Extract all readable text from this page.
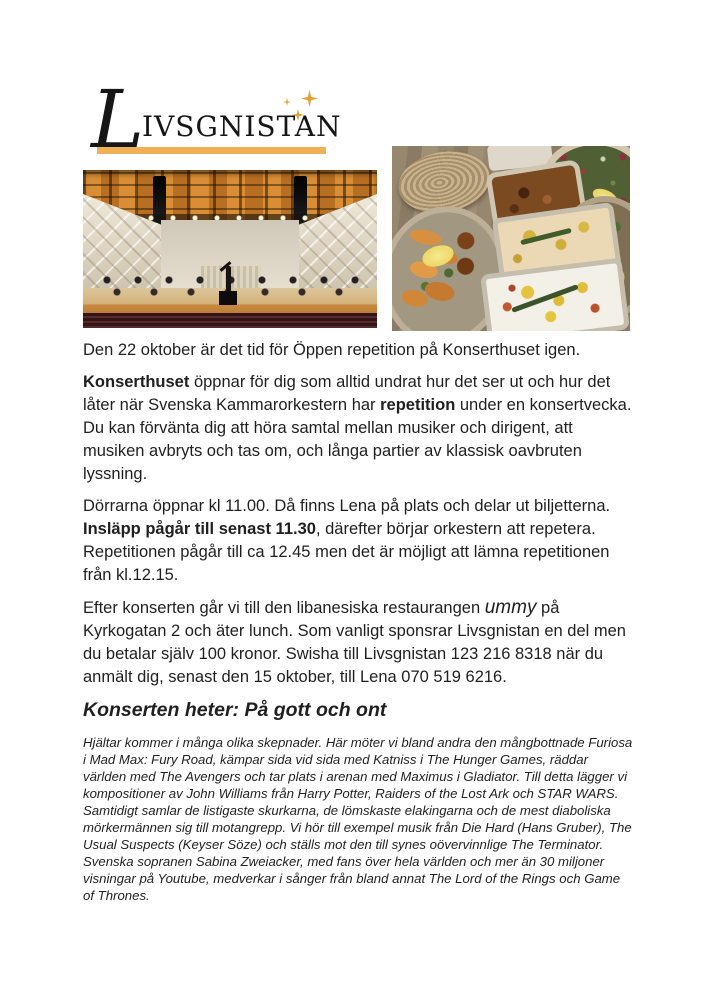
L
IVSGNISTAN

Den 22 oktober är det tid för Öppen repetition på Konserthuset igen.

Konserthuset öppnar för dig som alltid undrat hur det ser ut och hur det låter när Svenska Kammarorkestern har repetition under en konsertvecka. Du kan förvänta dig att höra samtal mellan musiker och dirigent, att musiken avbryts och tas om, och långa partier av klassisk oavbruten lyssning.

Dörrarna öppnar kl 11.00. Då finns Lena på plats och delar ut biljetterna. Insläpp pågår till senast 11.30, därefter börjar orkestern att repetera. Repetitionen pågår till ca 12.45 men det är möjligt att lämna repetitionen från kl.12.15.

Efter konserten går vi till den libanesiska restaurangen ummy på Kyrkogatan 2 och äter lunch. Som vanligt sponsrar Livsgnistan en del men du betalar själv 100 kronor. Swisha till Livsgnistan 123 216 8318 när du anmält dig, senast den 15 oktober, till Lena 070 519 6216.

Konserten heter: På gott och ont

Hjältar kommer i många olika skepnader. Här möter vi bland andra den mångbottnade Furiosa i Mad Max: Fury Road, kämpar sida vid sida med Katniss i The Hunger Games, räddar världen med The Avengers och tar plats i arenan med Maximus i Gladiator. Till detta lägger vi kompositioner av John Williams från Harry Potter, Raiders of the Lost Ark och STAR WARS. Samtidigt samlar de listigaste skurkarna, de lömskaste elakingarna och de mest diaboliska mörkermännen sig till motangrepp. Vi hör till exempel musik från Die Hard (Hans Gruber), The Usual Suspects (Keyser Söze) och ställs mot den till synes oövervinnlige The Terminator. Svenska sopranen Sabina Zweiacker, med fans över hela världen och mer än 30 miljoner visningar på Youtube, medverkar i sånger från bland annat The Lord of the Rings och Game of Thrones.
